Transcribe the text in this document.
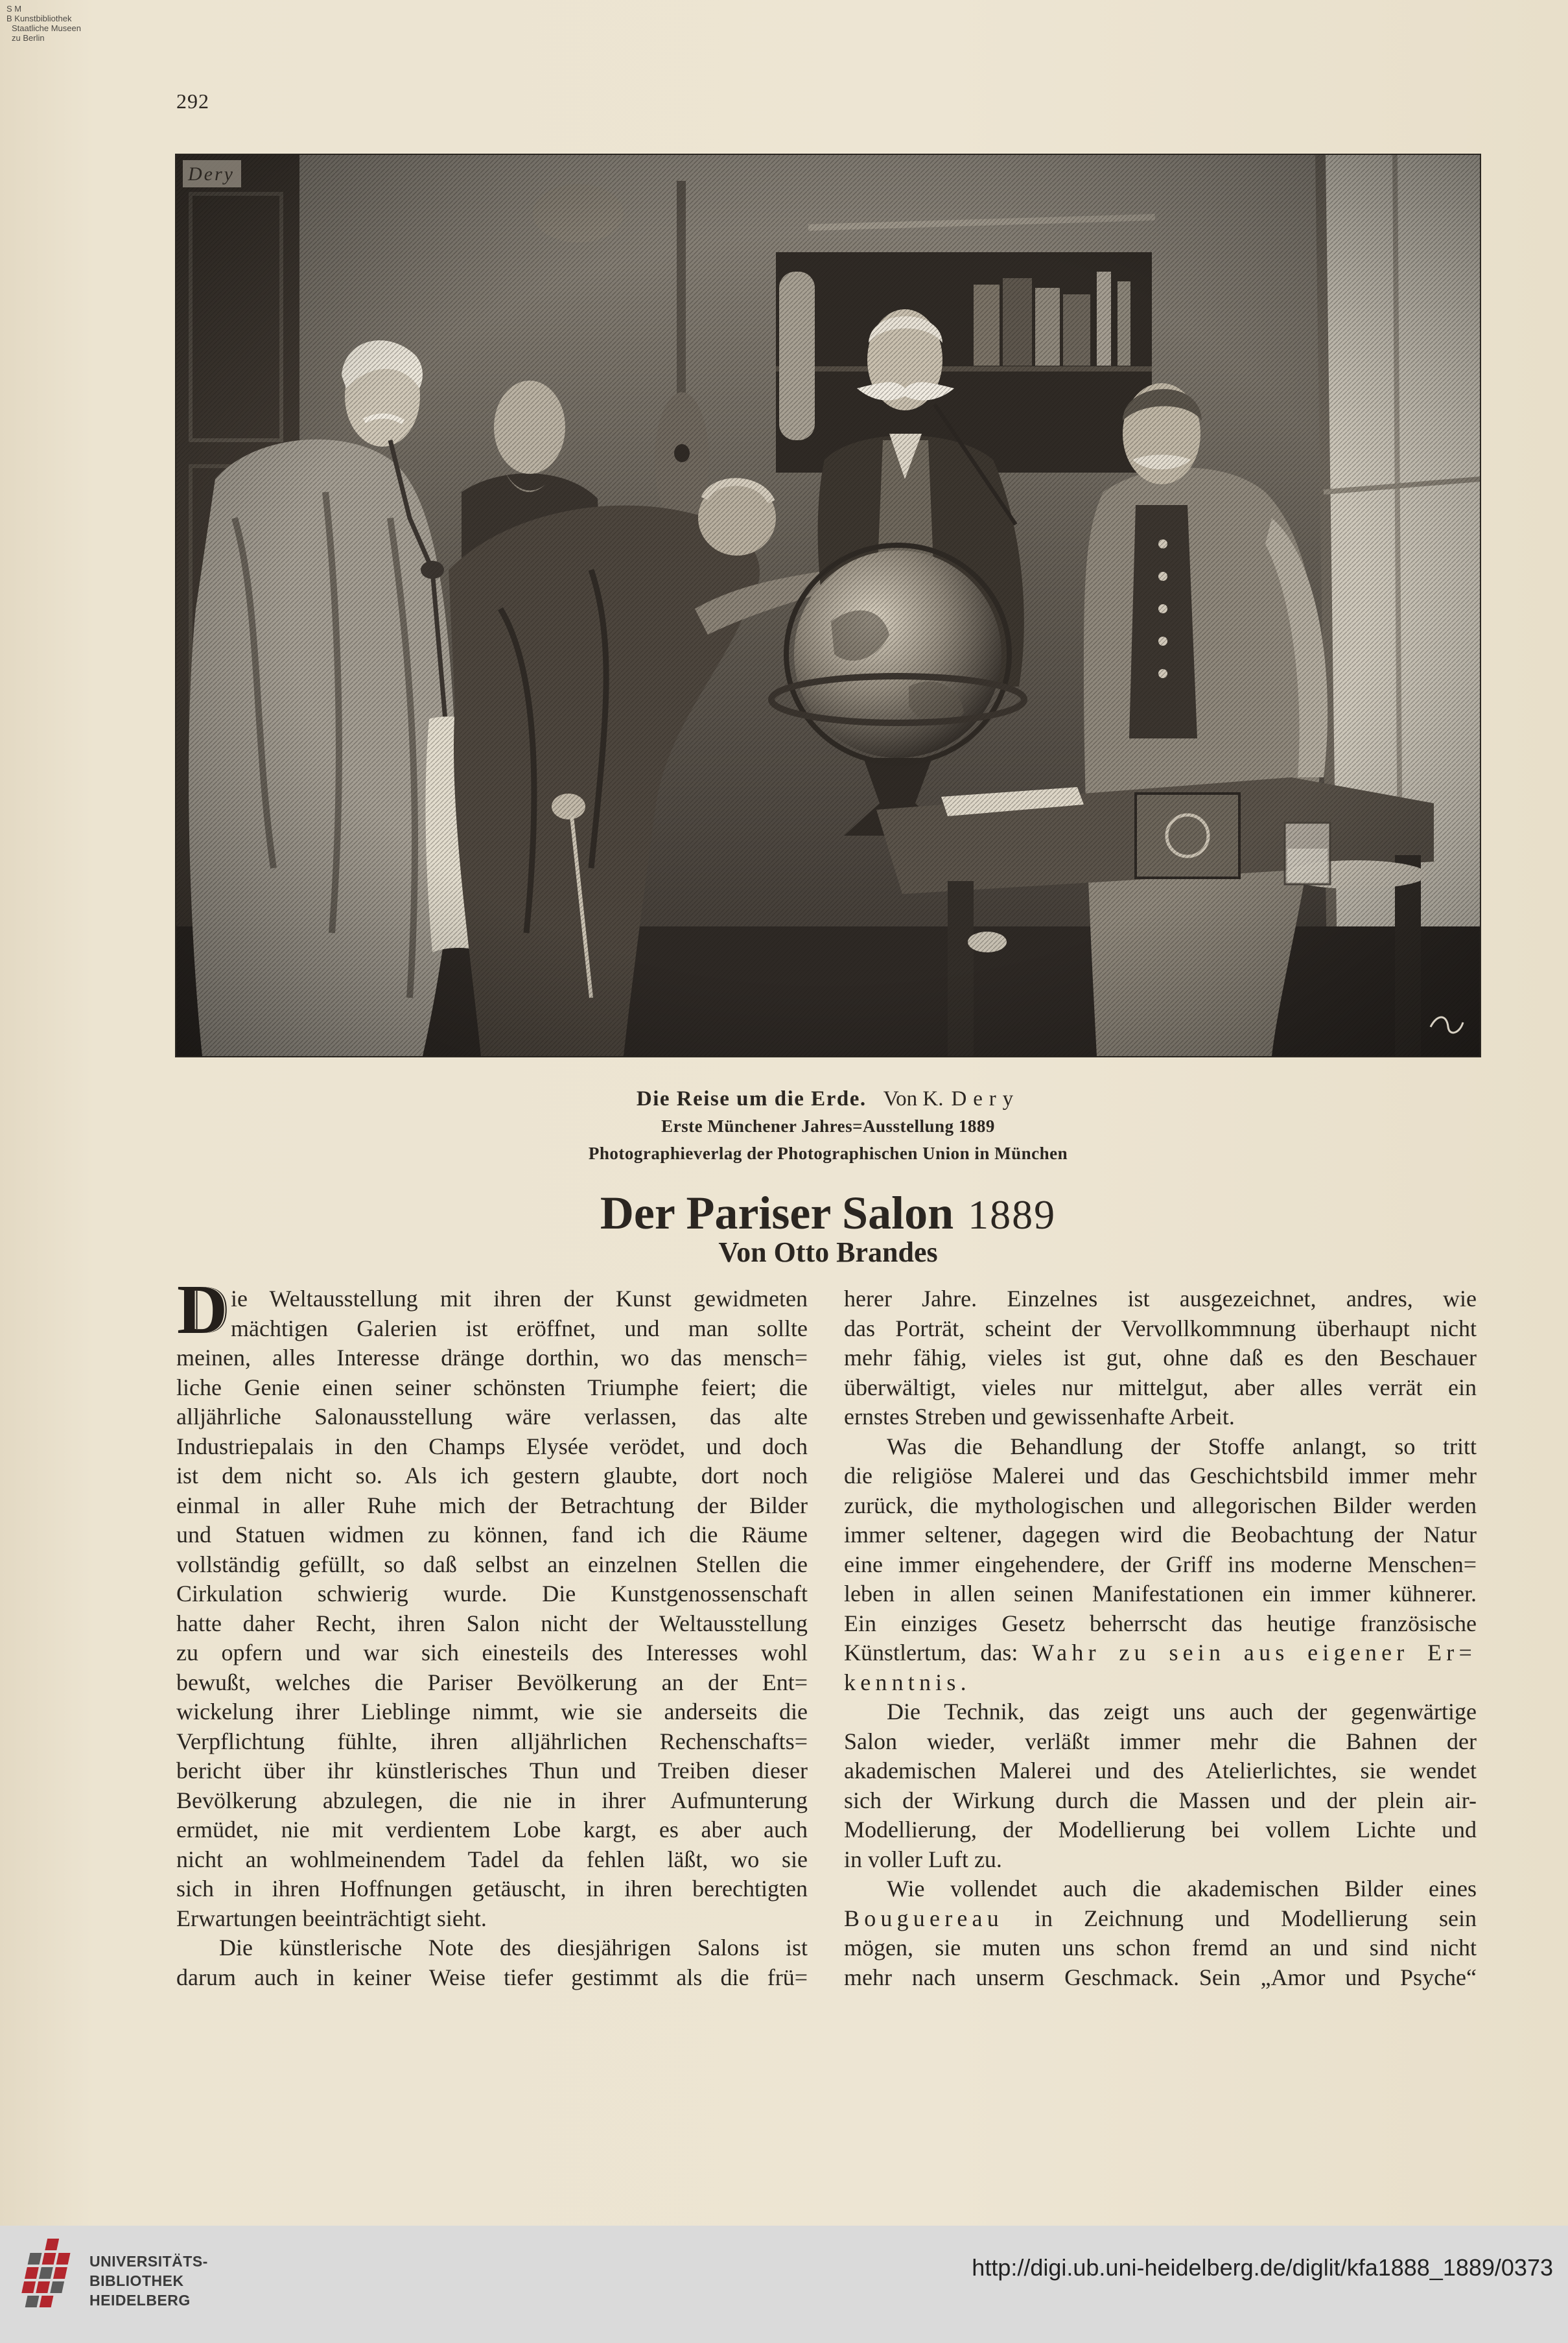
S M
B Kunstbibliothek
Staatliche Museen
zu Berlin
292
Dery
Die Reise um die Erde. Von K. Dery
Erste Münchener Jahres=Ausstellung 1889
Photographieverlag der Photographischen Union in München
Der Pariser Salon 1889
Von Otto Brandes
D ie Weltausstellung mit ihren der Kunst gewidmeten
mächtigen Galerien ist eröffnet, und man sollte
meinen, alles Interesse dränge dorthin, wo das mensch=
liche Genie einen seiner schönsten Triumphe feiert; die
alljährliche Salonausstellung wäre verlassen, das alte
Industriepalais in den Champs Elysée verödet, und doch
ist dem nicht so. Als ich gestern glaubte, dort noch
einmal in aller Ruhe mich der Betrachtung der Bilder
und Statuen widmen zu können, fand ich die Räume
vollständig gefüllt, so daß selbst an einzelnen Stellen die
Cirkulation schwierig wurde. Die Kunstgenossenschaft
hatte daher Recht, ihren Salon nicht der Weltausstellung
zu opfern und war sich einesteils des Interesses wohl
bewußt, welches die Pariser Bevölkerung an der Ent=
wickelung ihrer Lieblinge nimmt, wie sie anderseits die
Verpflichtung fühlte, ihren alljährlichen Rechenschafts=
bericht über ihr künstlerisches Thun und Treiben dieser
Bevölkerung abzulegen, die nie in ihrer Aufmunterung
ermüdet, nie mit verdientem Lobe kargt, es aber auch
nicht an wohlmeinendem Tadel da fehlen läßt, wo sie
sich in ihren Hoffnungen getäuscht, in ihren berechtigten
Erwartungen beeinträchtigt sieht.
Die künstlerische Note des diesjährigen Salons ist
darum auch in keiner Weise tiefer gestimmt als die frü=
herer Jahre. Einzelnes ist ausgezeichnet, andres, wie
das Porträt, scheint der Vervollkommnung überhaupt nicht
mehr fähig, vieles ist gut, ohne daß es den Beschauer
überwältigt, vieles nur mittelgut, aber alles verrät ein
ernstes Streben und gewissenhafte Arbeit.
Was die Behandlung der Stoffe anlangt, so tritt
die religiöse Malerei und das Geschichtsbild immer mehr
zurück, die mythologischen und allegorischen Bilder werden
immer seltener, dagegen wird die Beobachtung der Natur
eine immer eingehendere, der Griff ins moderne Menschen=
leben in allen seinen Manifestationen ein immer kühnerer.
Ein einziges Gesetz beherrscht das heutige französische
Künstlertum, das: Wahr zu sein aus eigener Er=
kenntnis.
Die Technik, das zeigt uns auch der gegenwärtige
Salon wieder, verläßt immer mehr die Bahnen der
akademischen Malerei und des Atelierlichtes, sie wendet
sich der Wirkung durch die Massen und der plein air-
Modellierung, der Modellierung bei vollem Lichte und
in voller Luft zu.
Wie vollendet auch die akademischen Bilder eines
Bouguereau in Zeichnung und Modellierung sein
mögen, sie muten uns schon fremd an und sind nicht
mehr nach unserm Geschmack. Sein „Amor und Psyche“
UNIVERSITÄTS-
BIBLIOTHEK
HEIDELBERG
http://digi.ub.uni-heidelberg.de/diglit/kfa1888_1889/0373
